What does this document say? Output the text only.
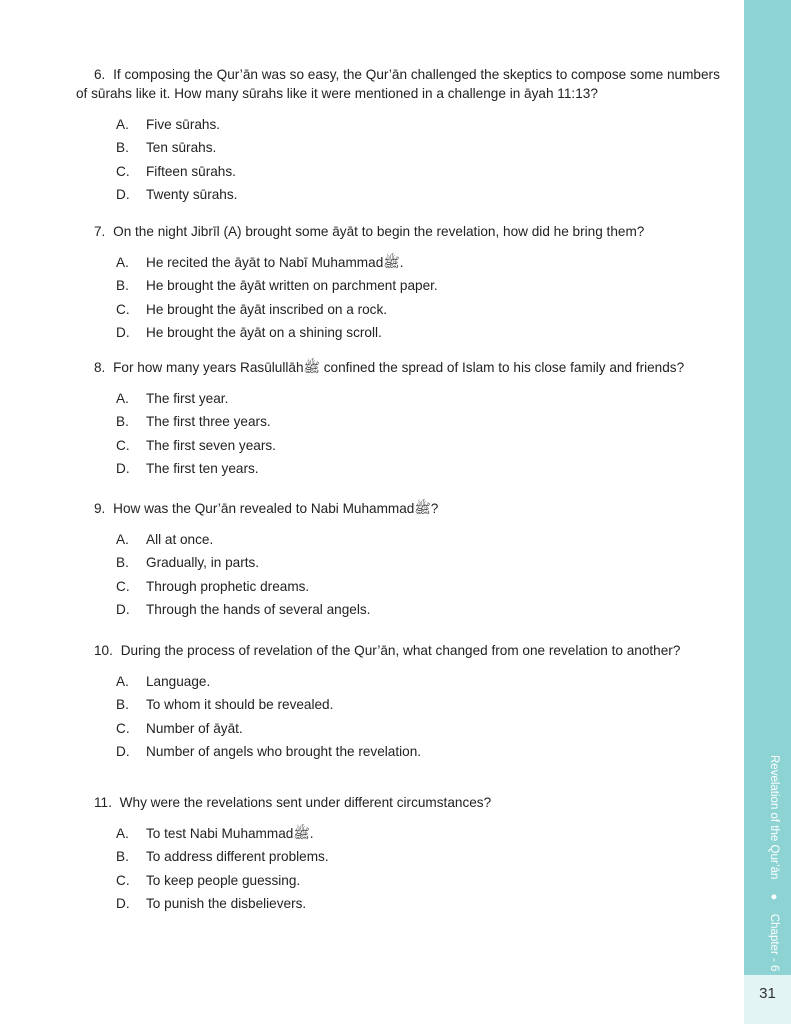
6. If composing the Qur’ān was so easy, the Qur’ān challenged the skeptics to compose some numbers of sūrahs like it. How many sūrahs like it were mentioned in a challenge in āyah 11:13?

A. Five sūrahs.
B. Ten sūrahs.
C. Fifteen sūrahs.
D. Twenty sūrahs.

7. On the night Jibrīl (A) brought some āyāt to begin the revelation, how did he bring them?

A. He recited the āyāt to Nabī Muhammadﷺ.
B. He brought the āyāt written on parchment paper.
C. He brought the āyāt inscribed on a rock.
D. He brought the āyāt on a shining scroll.

8. For how many years Rasūlullāhﷺ confined the spread of Islam to his close family and friends?

A. The first year.
B. The first three years.
C. The first seven years.
D. The first ten years.

9. How was the Qur’ān revealed to Nabi Muhammadﷺ?

A. All at once.
B. Gradually, in parts.
C. Through prophetic dreams.
D. Through the hands of several angels.

10. During the process of revelation of the Qur’ān, what changed from one revelation to another?

A. Language.
B. To whom it should be revealed.
C. Number of āyāt.
D. Number of angels who brought the revelation.

11. Why were the revelations sent under different circumstances?

A. To test Nabi Muhammadﷺ.
B. To address different problems.
C. To keep people guessing.
D. To punish the disbelievers.
Revelation of the Qur’ān ● Chapter - 6
31
